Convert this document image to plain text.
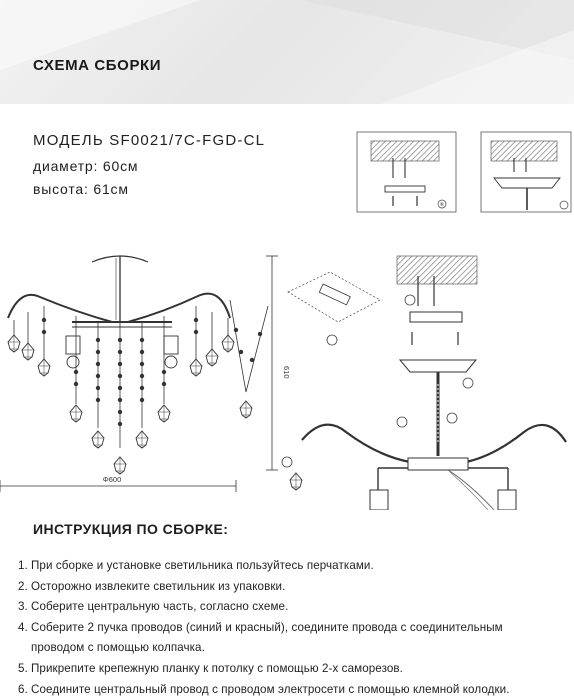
СХЕМА СБОРКИ
МОДЕЛЬ SF0021/7C-FGD-CL
диаметр: 60см
высота: 61см
⑥
Φ600
610
ИНСТРУКЦИЯ ПО СБОРКЕ:
1. При сборке и установке светильника пользуйтесь перчатками.
2. Осторожно извлеките светильник из упаковки.
3. Соберите центральную часть, согласно схеме.
4. Соберите 2 пучка проводов (синий и красный), соедините провода с соединительным
проводом с помощью колпачка.
5. Прикрепите крепежную планку к потолку с помощью 2-х саморезов.
6. Соедините центральный провод с проводом электросети с помощью клемной колодки.
